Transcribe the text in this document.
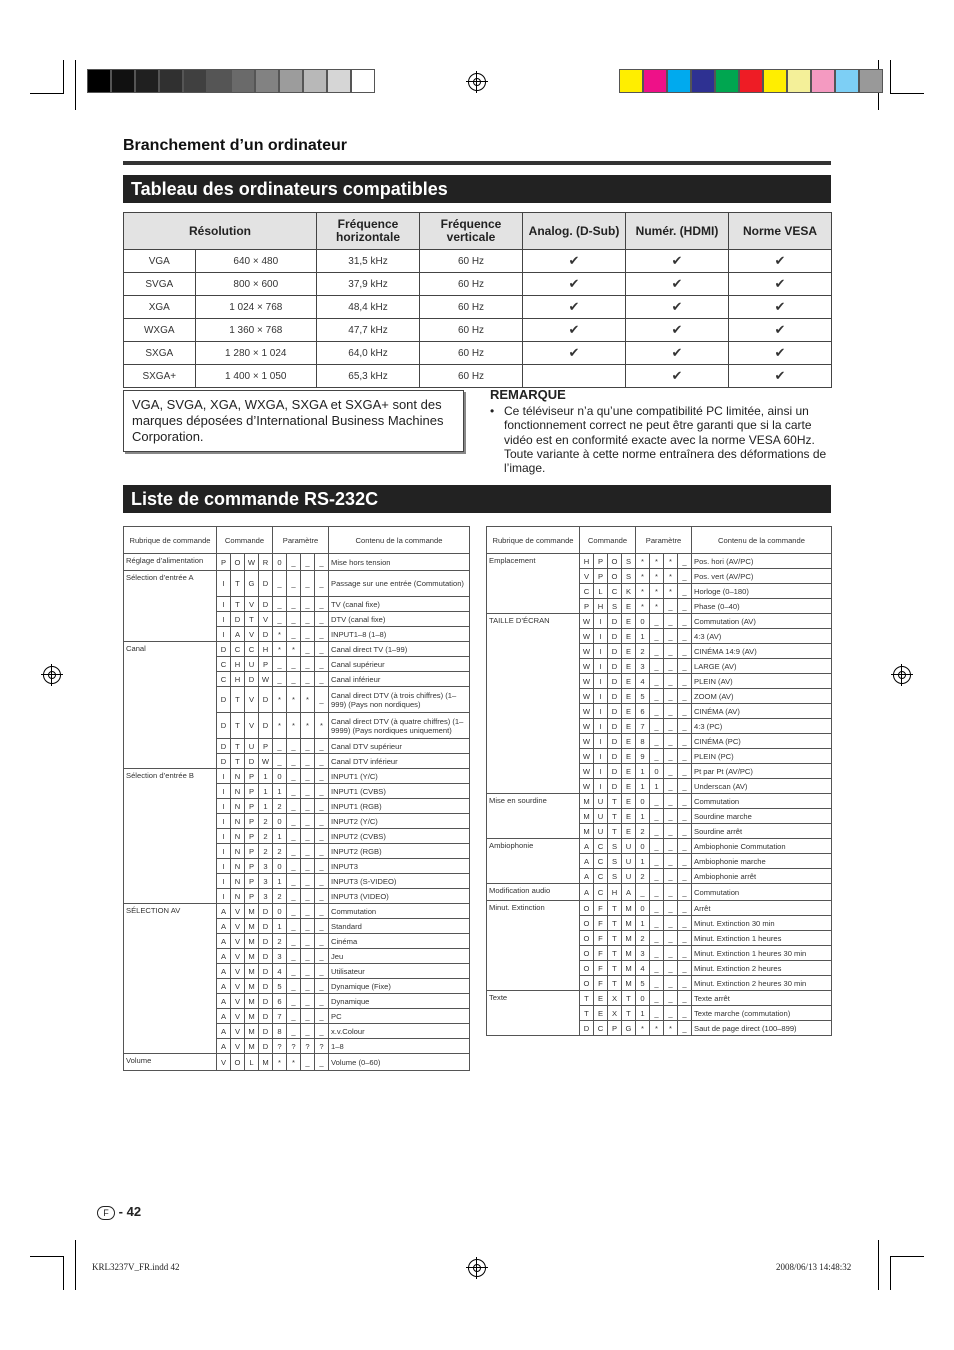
Branchement d’un ordinateur
Tableau des ordinateurs compatibles
Résolution		Fréquence horizontale	Fréquence verticale	Analog. (D-Sub)	Numér. (HDMI)	Norme VESA
VGA	640 × 480	31,5 kHz	60 Hz	✔	✔	✔
SVGA	800 × 600	37,9 kHz	60 Hz	✔	✔	✔
XGA	1 024 × 768	48,4 kHz	60 Hz	✔	✔	✔
WXGA	1 360 × 768	47,7 kHz	60 Hz	✔	✔	✔
SXGA	1 280 × 1 024	64,0 kHz	60 Hz	✔	✔	✔
SXGA+	1 400 × 1 050	65,3 kHz	60 Hz		✔	✔
VGA, SVGA, XGA, WXGA, SXGA et SXGA+ sont des marques déposées d’International Business Machines Corporation.
REMARQUE
• Ce téléviseur n’a qu’une compatibilité PC limitée, ainsi un fonctionnement correct ne peut être garanti que si la carte vidéo est en conformité exacte avec la norme VESA 60Hz. Toute variante à cette norme entraînera des déformations de l’image.
Liste de commande RS-232C
Rubrique de commande	Commande				Paramètre				Contenu de la commande
Réglage d’alimentation	P	O	W	R	0	_	_	_	Mise hors tension
Sélection d’entrée A	I	T	G	D	_	_	_	_	Passage sur une entrée (Commutation)
	I	T	V	D	_	_	_	_	TV (canal fixe)
	I	D	T	V	_	_	_	_	DTV (canal fixe)
	I	A	V	D	*	_	_	_	INPUT1–8 (1–8)
Canal	D	C	C	H	*	*	_	_	Canal direct TV (1–99)
	C	H	U	P	_	_	_	_	Canal supérieur
	C	H	D	W	_	_	_	_	Canal inférieur
	D	T	V	D	*	*	*	_	Canal direct DTV (à trois chiffres) (1–999) (Pays non nordiques)
	D	T	V	D	*	*	*	*	Canal direct DTV (à quatre chiffres) (1–9999) (Pays nordiques uniquement)
	D	T	U	P	_	_	_	_	Canal DTV supérieur
	D	T	D	W	_	_	_	_	Canal DTV inférieur
Sélection d’entrée B	I	N	P	1	0	_	_	_	INPUT1 (Y/C)
	I	N	P	1	1	_	_	_	INPUT1 (CVBS)
	I	N	P	1	2	_	_	_	INPUT1 (RGB)
	I	N	P	2	0	_	_	_	INPUT2 (Y/C)
	I	N	P	2	1	_	_	_	INPUT2 (CVBS)
	I	N	P	2	2	_	_	_	INPUT2 (RGB)
	I	N	P	3	0	_	_	_	INPUT3
	I	N	P	3	1	_	_	_	INPUT3 (S-VIDEO)
	I	N	P	3	2	_	_	_	INPUT3 (VIDEO)
SÉLECTION AV	A	V	M	D	0	_	_	_	Commutation
	A	V	M	D	1	_	_	_	Standard
	A	V	M	D	2	_	_	_	Cinéma
	A	V	M	D	3	_	_	_	Jeu
	A	V	M	D	4	_	_	_	Utilisateur
	A	V	M	D	5	_	_	_	Dynamique (Fixe)
	A	V	M	D	6	_	_	_	Dynamique
	A	V	M	D	7	_	_	_	PC
	A	V	M	D	8	_	_	_	x.v.Colour
	A	V	M	D	?	?	?	?	1–8
Volume	V	O	L	M	*	*	_	_	Volume (0–60)
Rubrique de commande	Commande				Paramètre				Contenu de la commande
Emplacement	H	P	O	S	*	*	*	_	Pos. hori (AV/PC)
	V	P	O	S	*	*	*	_	Pos. vert (AV/PC)
	C	L	C	K	*	*	*	_	Horloge (0–180)
	P	H	S	E	*	*	_	_	Phase (0–40)
TAILLE D’ÉCRAN	W	I	D	E	0	_	_	_	Commutation (AV)
	W	I	D	E	1	_	_	_	4:3 (AV)
	W	I	D	E	2	_	_	_	CINÉMA 14:9 (AV)
	W	I	D	E	3	_	_	_	LARGE (AV)
	W	I	D	E	4	_	_	_	PLEIN (AV)
	W	I	D	E	5	_	_	_	ZOOM (AV)
	W	I	D	E	6	_	_	_	CINÉMA (AV)
	W	I	D	E	7	_	_	_	4:3 (PC)
	W	I	D	E	8	_	_	_	CINÉMA (PC)
	W	I	D	E	9	_	_	_	PLEIN (PC)
	W	I	D	E	1	0	_	_	Pt par Pt (AV/PC)
	W	I	D	E	1	1	_	_	Underscan (AV)
Mise en sourdine	M	U	T	E	0	_	_	_	Commutation
	M	U	T	E	1	_	_	_	Sourdine marche
	M	U	T	E	2	_	_	_	Sourdine arrêt
Ambiophonie	A	C	S	U	0	_	_	_	Ambiophonie Commutation
	A	C	S	U	1	_	_	_	Ambiophonie marche
	A	C	S	U	2	_	_	_	Ambiophonie arrêt
Modification audio	A	C	H	A	_	_	_	_	Commutation
Minut. Extinction	O	F	T	M	0	_	_	_	Arrêt
	O	F	T	M	1	_	_	_	Minut. Extinction 30 min
	O	F	T	M	2	_	_	_	Minut. Extinction 1 heures
	O	F	T	M	3	_	_	_	Minut. Extinction 1 heures 30 min
	O	F	T	M	4	_	_	_	Minut. Extinction 2 heures
	O	F	T	M	5	_	_	_	Minut. Extinction 2 heures 30 min
Texte	T	E	X	T	0	_	_	_	Texte arrêt
	T	E	X	T	1	_	_	_	Texte marche (commutation)
	D	C	P	G	*	*	*	_	Saut de page direct (100–899)
F - 42
KRL3237V_FR.indd 42	2008/06/13 14:48:32
